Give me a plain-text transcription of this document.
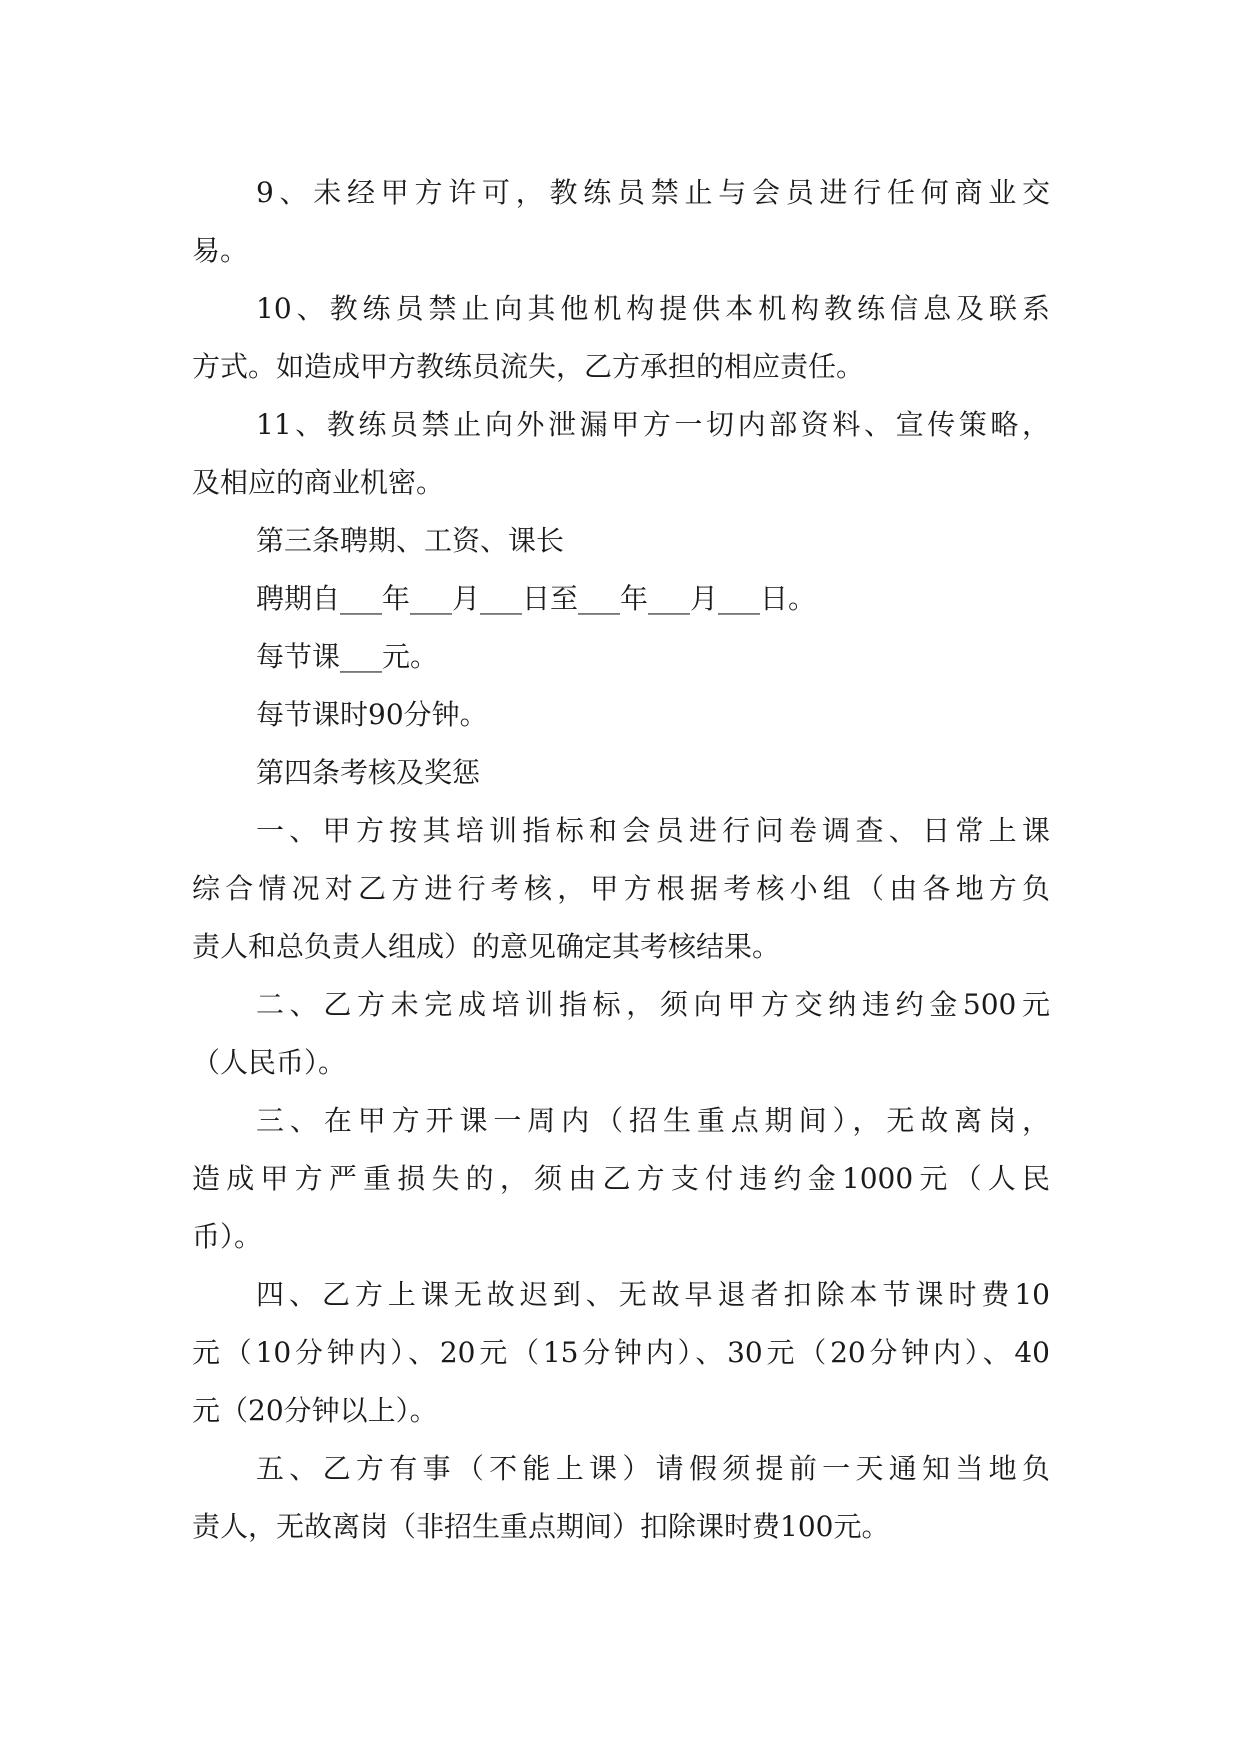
9、未经甲方许可，教练员禁止与会员进行任何商业交
易。
10、教练员禁止向其他机构提供本机构教练信息及联系
方式。如造成甲方教练员流失，乙方承担的相应责任。
11、教练员禁止向外泄漏甲方一切内部资料、宣传策略，
及相应的商业机密。
第三条聘期、工资、课长
聘期自___年___月___日至___年___月___日。
每节课___元。
每节课时90分钟。
第四条考核及奖惩
一、甲方按其培训指标和会员进行问卷调查、日常上课
综合情况对乙方进行考核，甲方根据考核小组（由各地方负
责人和总负责人组成）的意见确定其考核结果。
二、乙方未完成培训指标，须向甲方交纳违约金500元
（人民币）。
三、在甲方开课一周内（招生重点期间），无故离岗，
造成甲方严重损失的，须由乙方支付违约金1000元（人民
币）。
四、乙方上课无故迟到、无故早退者扣除本节课时费10
元（10分钟内）、20元（15分钟内）、30元（20分钟内）、40
元（20分钟以上）。
五、乙方有事（不能上课）请假须提前一天通知当地负
责人，无故离岗（非招生重点期间）扣除课时费100元。
